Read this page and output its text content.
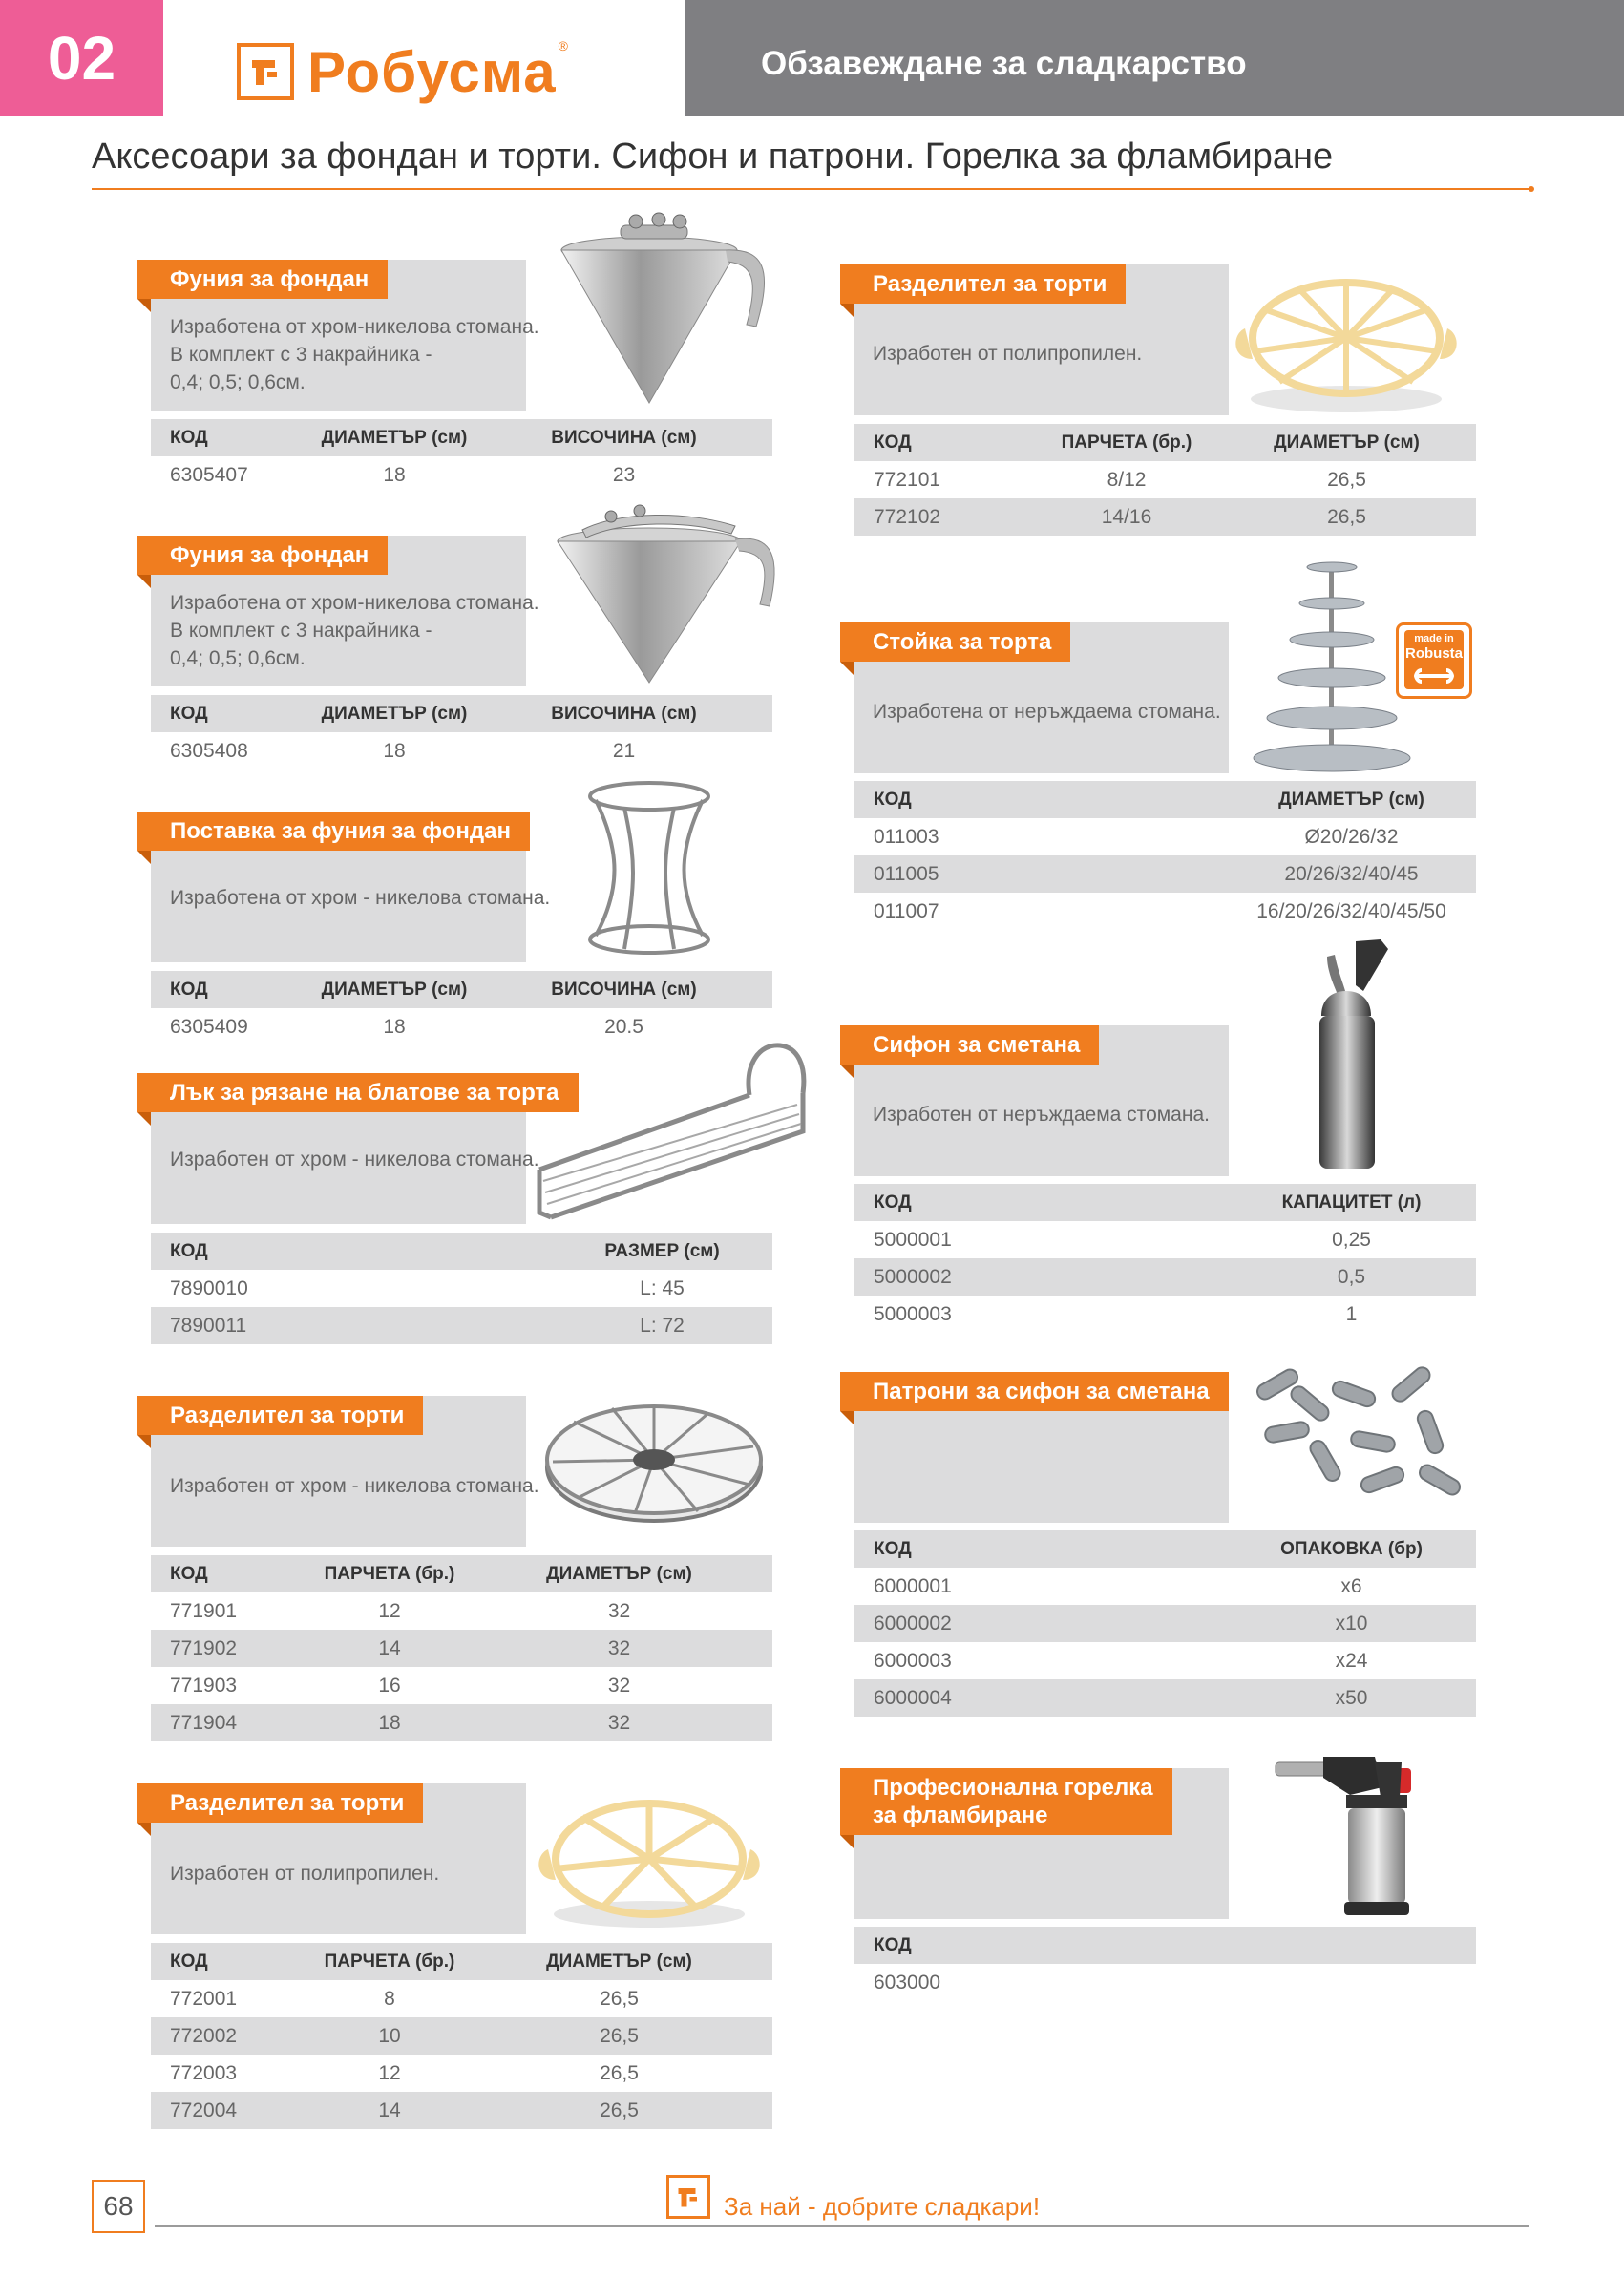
02	Робусма ®	Обзавеждане за сладкарство
Аксесоари за фондан и торти. Сифон и патрони. Горелка за фламбиране
Фуния за фондан
Изработена от хром-никелова стомана.
В комплект с 3 накрайника -
0,4; 0,5; 0,6см.
КОД	ДИАМЕТЪР (см)	ВИСОЧИНА (см)
6305407	18	23
Фуния за фондан
Изработена от хром-никелова стомана.
В комплект с 3 накрайника -
0,4; 0,5; 0,6см.
КОД	ДИАМЕТЪР (см)	ВИСОЧИНА (см)
6305408	18	21
Поставка за фуния за фондан
Изработена от хром - никелова стомана.
КОД	ДИАМЕТЪР (см)	ВИСОЧИНА (см)
6305409	18	20.5
Лък за рязане на блатове за торта
Изработен от хром - никелова стомана.
КОД	РАЗМЕР (см)
7890010	L: 45
7890011	L: 72
Разделител за торти
Изработен от хром - никелова стомана.
КОД	ПАРЧЕТА (бр.)	ДИАМЕТЪР (см)
771901	12	32
771902	14	32
771903	16	32
771904	18	32
Разделител за торти
Изработен от полипропилен.
КОД	ПАРЧЕТА (бр.)	ДИАМЕТЪР (см)
772001	8	26,5
772002	10	26,5
772003	12	26,5
772004	14	26,5
Разделител за торти
Изработен от полипропилен.
КОД	ПАРЧЕТА (бр.)	ДИАМЕТЪР (см)
772101	8/12	26,5
772102	14/16	26,5
Стойка за торта
Изработена от неръждаема стомана.
made in
Robusta
КОД	ДИАМЕТЪР (см)
011003	Ø20/26/32
011005	20/26/32/40/45
011007	16/20/26/32/40/45/50
Сифон за сметана
Изработен от неръждаема стомана.
КОД	КАПАЦИТЕТ (л)
5000001	0,25
5000002	0,5
5000003	1
Патрони за сифон за сметана
КОД	ОПАКОВКА (бр)
6000001	x6
6000002	x10
6000003	x24
6000004	x50
Професионална горелка
за фламбиране
КОД
603000
68	За най - добрите сладкари!
